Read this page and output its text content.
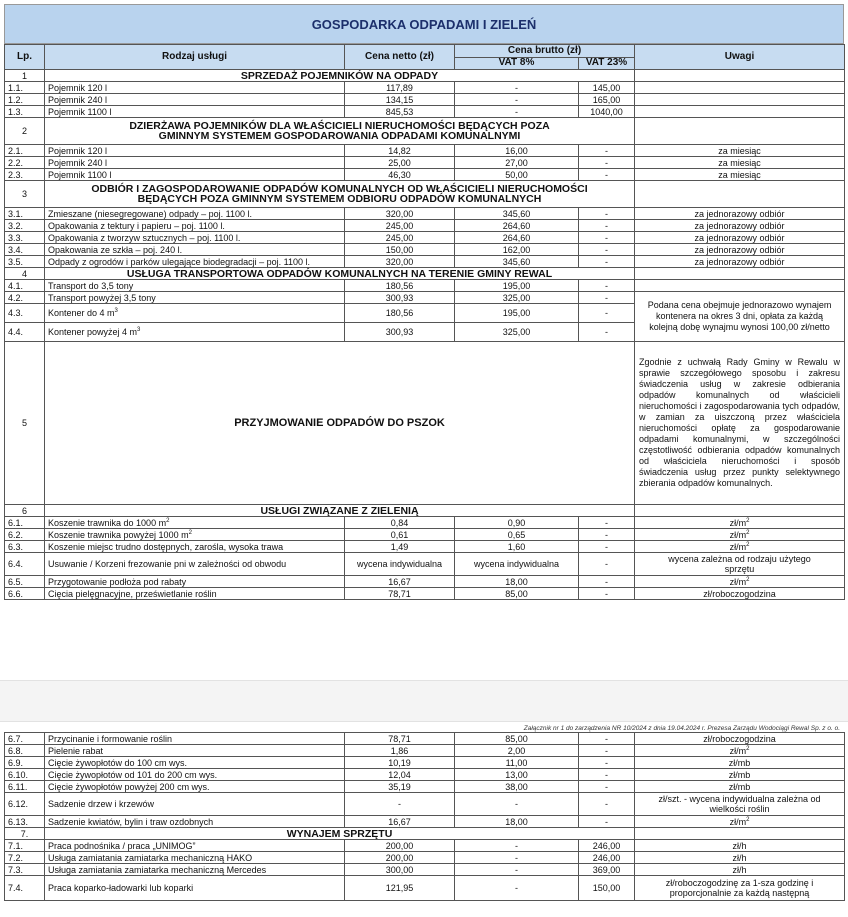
GOSPODARKA ODPADAMI I ZIELEŃ
Lp.	Rodzaj usługi	Cena netto (zł)	Cena brutto (zł)		Uwagi
			VAT 8%	VAT 23%	
1	SPRZEDAŻ POJEMNIKÓW NA ODPADY				
1.1.	Pojemnik 120 l	117,89	-	145,00	
1.2.	Pojemnik 240 l	134,15	-	165,00	
1.3.	Pojemnik 1100 l	845,53	-	1040,00	
2	DZIERŻAWA POJEMNIKÓW DLA WŁAŚCICIELI NIERUCHOMOŚCI BĘDĄCYCH POZA
GMINNYM SYSTEMEM GOSPODAROWANIA ODPADAMI KOMUNALNYMI				

2.1.	Pojemnik 120 l	14,82	16,00	-	za miesiąc
2.2.	Pojemnik 240 l	25,00	27,00	-	za miesiąc
2.3.	Pojemnik 1100 l	46,30	50,00	-	za miesiąc
3	ODBIÓR I ZAGOSPODAROWANIE ODPADÓW KOMUNALNYCH OD WŁAŚCICIELI NIERUCHOMOŚCI
BĘDĄCYCH POZA GMINNYM SYSTEMEM ODBIORU ODPADÓW KOMUNALNYCH				

3.1.	Zmieszane (niesegregowane) odpady – poj. 1100 l.	320,00	345,60	-	za jednorazowy odbiór
3.2.	Opakowania z tektury i papieru – poj. 1100 l.	245,00	264,60	-	za jednorazowy odbiór
3.3.	Opakowania z tworzyw sztucznych – poj. 1100 l.	245,00	264,60	-	za jednorazowy odbiór
3.4.	Opakowania ze szkła – poj. 240 l.	150,00	162,00	-	za jednorazowy odbiór
3.5.	Odpady z ogrodów i parków ulegające biodegradacji – poj. 1100 l.	320,00	345,60	-	za jednorazowy odbiór
4	USŁUGA TRANSPORTOWA ODPADÓW KOMUNALNYCH NA TERENIE GMINY REWAL				
4.1.	Transport do 3,5 tony	180,56	195,00	-	
4.2.	Transport powyżej 3,5 tony	300,93	325,00	-	Podana cena obejmuje jednorazowo wynajem kontenera na okres 3 dni, opłata za każdą kolejną dobę wynajmu wynosi 100,00 zł/netto
4.3.	Kontener do 4 $m^3$	180,56	195,00	-	
4.4.	Kontener powyżej 4 $m^3$	300,93	325,00	-	
5	PRZYJMOWANIE ODPADÓW DO PSZOK				Zgodnie z uchwałą Rady Gminy w Rewalu w sprawie szczegółowego sposobu i zakresu świadczenia usług w zakresie odbierania odpadów komunalnych od właścicieli nieruchomości i zagospodarowania tych odpadów, w zamian za uiszczoną przez właściciela nieruchomości opłatę za gospodarowanie odpadami komunalnymi, w szczególności częstotliwość odbierania odpadów komunalnych od właściciela nieruchomości i sposób świadczenia usług przez punkty selektywnego zbierania odpadów komunalnych.
6	USŁUGI ZWIĄZANE Z ZIELENIĄ				
6.1.	Koszenie trawnika do 1000 $m^2$	0,84	0,90	-	$zł/m^2$
6.2.	Koszenie trawnika powyżej 1000 $m^2$	0,61	0,65	-	$zł/m^2$
6.3.	Koszenie miejsc trudno dostępnych, zarośla, wysoka trawa	1,49	1,60	-	$zł/m^2$
6.4.	Usuwanie / Korzeni frezowanie pni w zależności od obwodu	wycena indywidualna	wycena indywidualna	-	wycena zależna od rodzaju użytego sprzętu
6.5.	Przygotowanie podłoża pod rabaty	16,67	18,00	-	$zł/m^2$
6.6.	Cięcia pielęgnacyjne, prześwietlanie roślin	78,71	85,00	-	zł/roboczogodzina
Załącznik nr 1 do zarządzenia NR 10/2024 z dnia 19.04.2024 r. Prezesa Zarządu Wodociągi Rewal Sp. z o. o.
6.7.	Przycinanie i formowanie roślin	78,71	85,00	-	zł/roboczogodzina
6.8.	Pielenie rabat	1,86	2,00	-	$zł/m^2$
6.9.	Cięcie żywopłotów do 100 cm wys.	10,19	11,00	-	zł/mb
6.10.	Cięcie żywopłotów od 101 do 200 cm wys.	12,04	13,00	-	zł/mb
6.11.	Cięcie żywopłotów powyżej 200 cm wys.	35,19	38,00	-	zł/mb
6.12.	Sadzenie drzew i krzewów	-	-	-	zł/szt. - wycena indywidualna zależna od wielkości roślin
6.13.	Sadzenie kwiatów, bylin i traw ozdobnych	16,67	18,00	-	$zł/m^2$
7.	WYNAJEM SPRZĘTU				
7.1.	Praca podnośnika / praca „UNIMOG”	200,00	-	246,00	zł/h
7.2.	Usługa zamiatania zamiatarka mechaniczną HAKO	200,00	-	246,00	zł/h
7.3.	Usługa zamiatania zamiatarka mechaniczną Mercedes	300,00	-	369,00	zł/h
7.4.	Praca koparko-ładowarki lub koparki	121,95	-	150,00	zł/roboczogodzinę za 1-sza godzinę i proporcjonalnie za każdą następną
